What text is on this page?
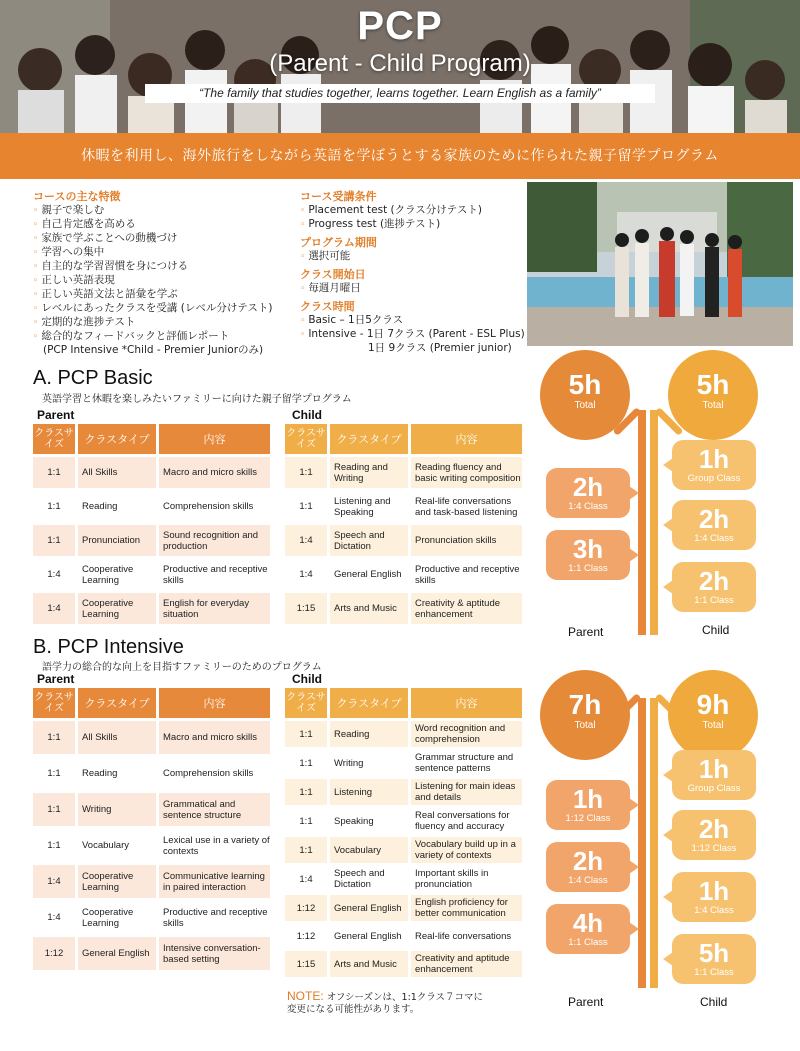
PCP
(Parent - Child Program)
“The family that studies together, learns together. Learn English as a family”
休暇を利用し、海外旅行をしながら英語を学ぼうとする家族のために作られた親子留学プログラム
コースの主な特徴
◦ 親子で楽しむ
◦ 自己肯定感を高める
◦ 家族で学ぶことへの動機づけ
◦ 学習への集中
◦ 自主的な学習習慣を身につける
◦ 正しい英語表現
◦ 正しい英語文法と語彙を学ぶ
◦ レベルにあったクラスを受講 (レベル分けテスト)
◦ 定期的な進捗テスト
◦ 総合的なフィードバックと評価レポート
(PCP Intensive *Child - Premier Juniorのみ)
コース受講条件
◦ Placement test (クラス分けテスト)
◦ Progress test (進捗テスト)
プログラム期間
◦ 選択可能
クラス開始日
◦ 毎週月曜日
クラス時間
◦ Basic – 1日5クラス
◦ Intensive - 1日 7クラス (Parent - ESL Plus)
1日 9クラス (Premier junior)
A. PCP Basic
英語学習と休暇を楽しみたいファミリーに向けた親子留学プログラム
Parent	Child
クラスサイズ	クラスタイプ	内容
1:1	All Skills	Macro and micro skills
1:1	Reading	Comprehension skills
1:1	Pronunciation	Sound recognition and production
1:4	Cooperative Learning	Productive and receptive skills
1:4	Cooperative Learning	English for everyday situation
クラスサイズ	クラスタイプ	内容
1:1	Reading and Writing	Reading fluency and basic writing composition
1:1	Listening and Speaking	Real-life conversations and task-based listening
1:4	Speech and Dictation	Pronunciation skills
1:4	General English	Productive and receptive skills
1:15	Arts and Music	Creativity & aptitude enhancement
5h
Total
5h
Total
2h
1:4 Class
3h
1:1 Class
1h
Group Class
2h
1:4 Class
2h
1:1 Class
Parent	Child
B. PCP Intensive
語学力の総合的な向上を目指すファミリーのためのプログラム
Parent	Child
クラスサイズ	クラスタイプ	内容
1:1	All Skills	Macro and micro skills
1:1	Reading	Comprehension skills
1:1	Writing	Grammatical and sentence structure
1:1	Vocabulary	Lexical use in a variety of contexts
1:4	Cooperative Learning	Communicative learning in paired interaction
1:4	Cooperative Learning	Productive and receptive skills
1:12	General English	Intensive conversation-based setting
クラスサイズ	クラスタイプ	内容
1:1	Reading	Word recognition and comprehension
1:1	Writing	Grammar structure and sentence patterns
1:1	Listening	Listening for main ideas and details
1:1	Speaking	Real conversations for fluency and accuracy
1:1	Vocabulary	Vocabulary build up in a variety of contexts
1:4	Speech and Dictation	Important skills in pronunciation
1:12	General English	English proficiency for better communication
1:12	General English	Real-life conversations
1:15	Arts and Music	Creativity and aptitude enhancement
NOTE: オフシーズンは、1:1クラス７コマに
変更になる可能性があります。
7h
Total
9h
Total
1h
1:12 Class
2h
1:4 Class
4h
1:1 Class
1h
Group Class
2h
1:12 Class
1h
1:4 Class
5h
1:1 Class
Parent	Child
